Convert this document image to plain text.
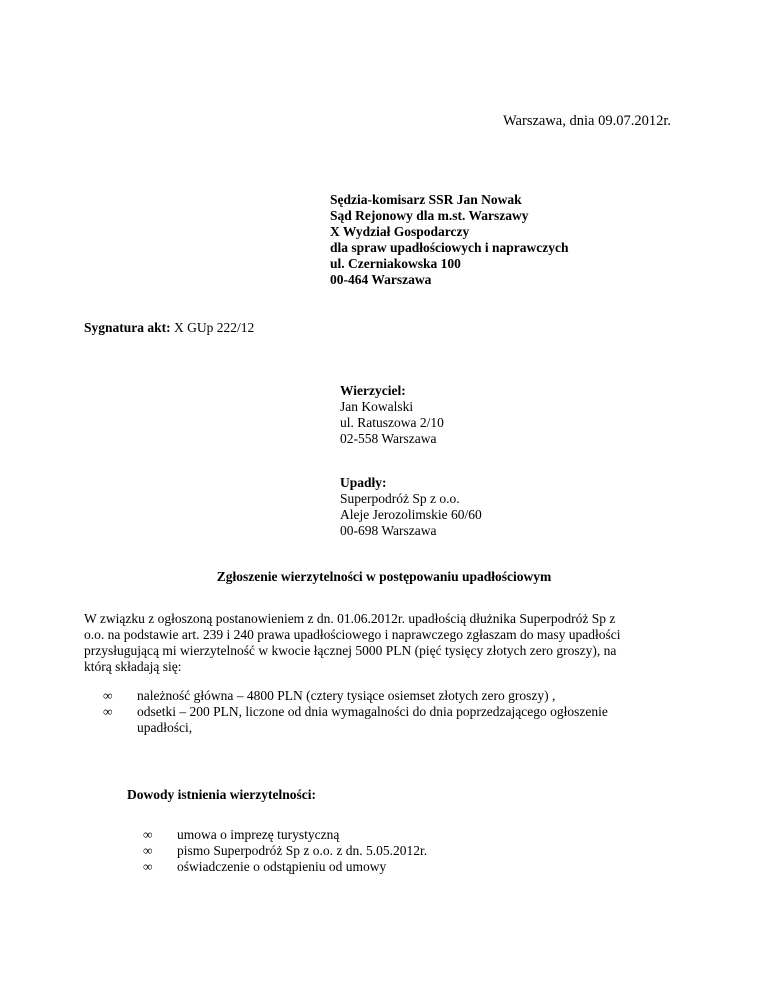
Warszawa, dnia 09.07.2012r.
Sędzia-komisarz SSR Jan Nowak
Sąd Rejonowy dla m.st. Warszawy
X Wydział Gospodarczy
dla spraw upadłościowych i naprawczych
ul. Czerniakowska 100
00-464 Warszawa
Sygnatura akt: X GUp 222/12
Wierzyciel:
Jan Kowalski
ul. Ratuszowa 2/10
02-558 Warszawa
Upadły:
Superpodróż Sp z o.o.
Aleje Jerozolimskie 60/60
00-698 Warszawa
Zgłoszenie wierzytelności w postępowaniu upadłościowym
W związku z ogłoszoną postanowieniem z dn. 01.06.2012r. upadłością dłużnika Superpodróż Sp z
o.o. na podstawie art. 239 i 240 prawa upadłościowego i naprawczego zgłaszam do masy upadłości
przysługującą mi wierzytelność w kwocie łącznej 5000 PLN (pięć tysięcy złotych zero groszy), na
którą składają się:
∞ należność główna – 4800 PLN (cztery tysiące osiemset złotych zero groszy) ,
∞ odsetki – 200 PLN, liczone od dnia wymagalności do dnia poprzedzającego ogłoszenie
upadłości,
Dowody istnienia wierzytelności:
∞ umowa o imprezę turystyczną
∞ pismo Superpodróż Sp z o.o. z dn. 5.05.2012r.
∞ oświadczenie o odstąpieniu od umowy
